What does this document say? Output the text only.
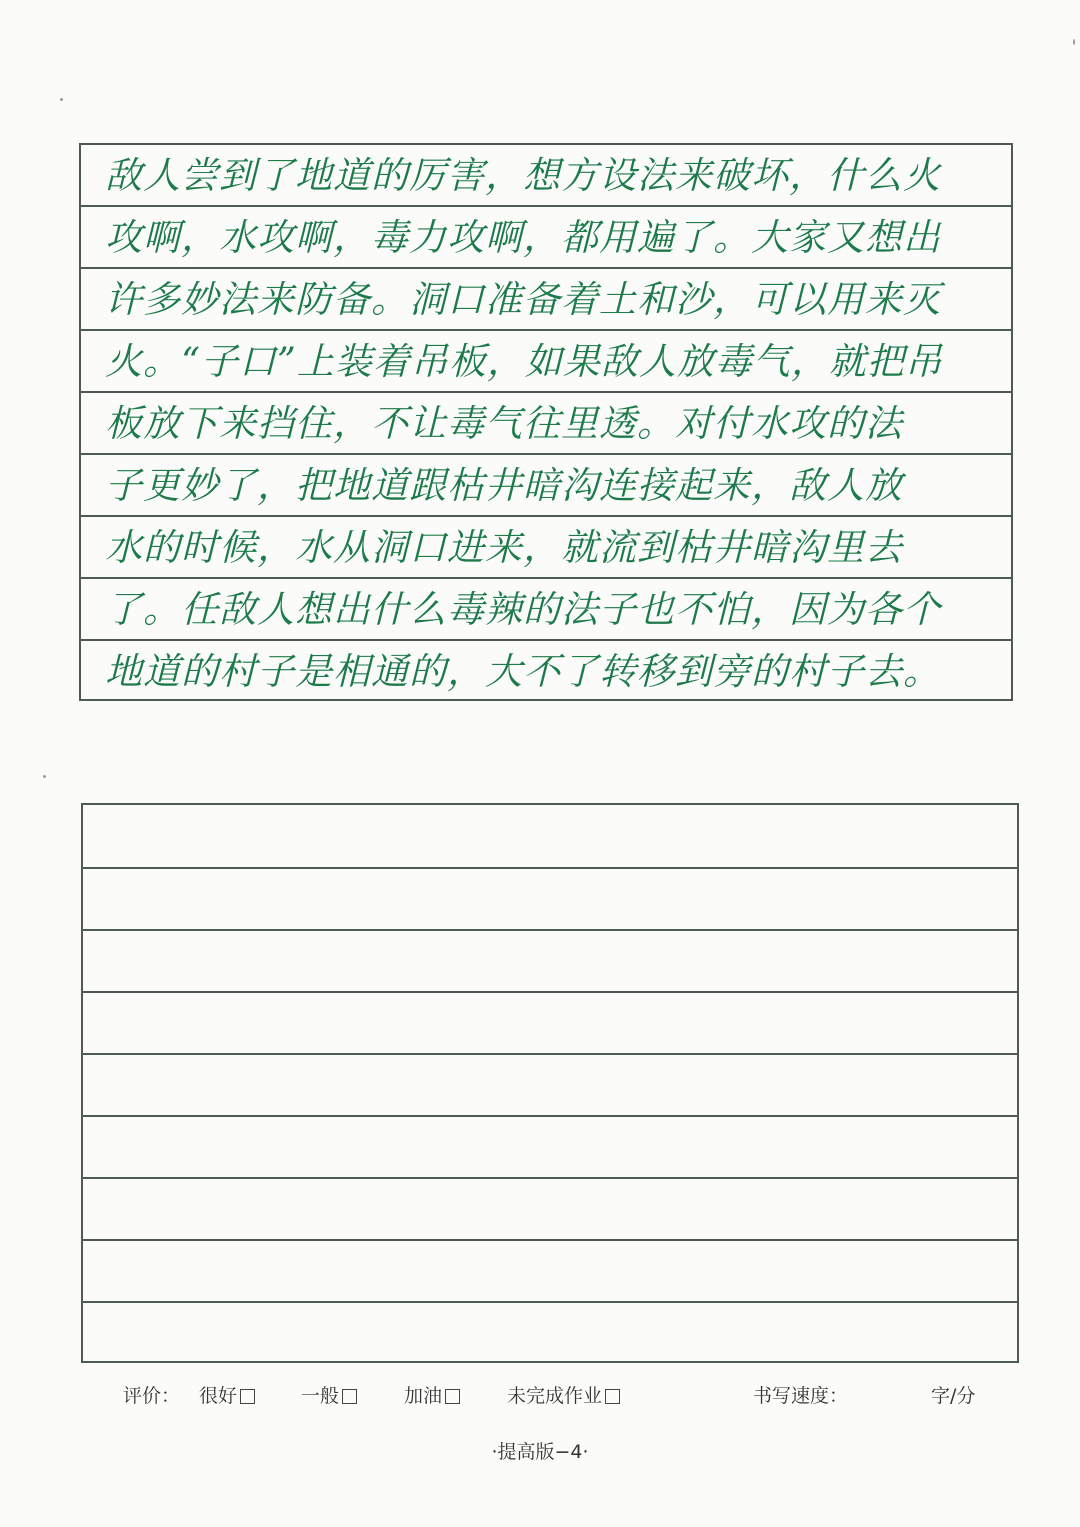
敌人尝到了地道的厉害，想方设法来破坏，什么火
攻啊，水攻啊，毒力攻啊，都用遍了。大家又想出
许多妙法来防备。洞口准备着土和沙，可以用来灭
火。“子口”上装着吊板，如果敌人放毒气，就把吊
板放下来挡住，不让毒气往里透。对付水攻的法
子更妙了，把地道跟枯井暗沟连接起来，敌人放
水的时候，水从洞口进来，就流到枯井暗沟里去
了。任敌人想出什么毒辣的法子也不怕，因为各个
地道的村子是相通的，大不了转移到旁的村子去。
评价： 很好	一般	加油	未完成作业	书写速度：	字/分
·提高版−4·
